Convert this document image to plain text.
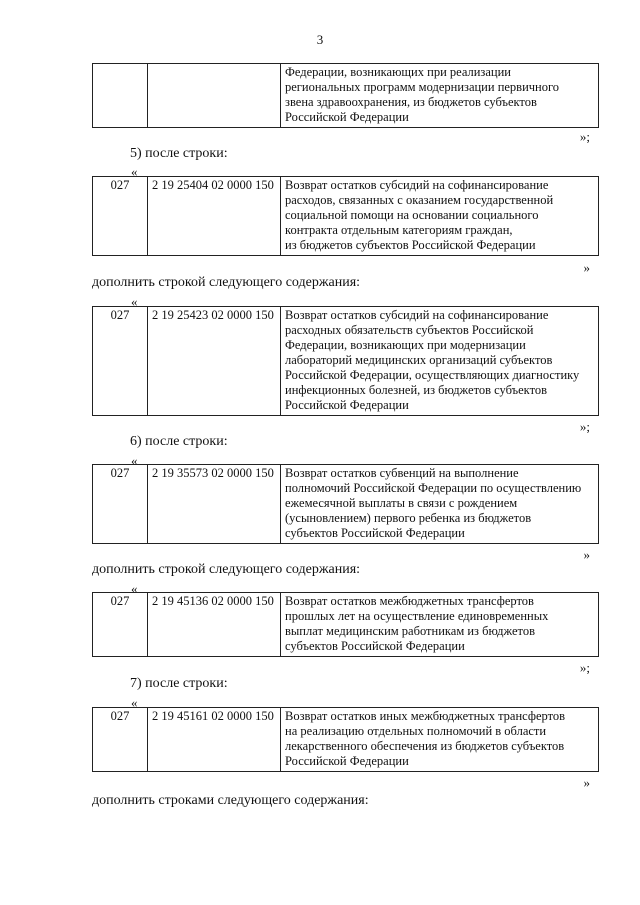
3

Федерации, возникающих при реализации
региональных программ модернизации первичного
звена здравоохранения, из бюджетов субъектов
Российской Федерации
»;
5) после строки:
«
027	2 19 25404 02 0000 150	Возврат остатков субсидий на софинансирование
расходов, связанных с оказанием государственной
социальной помощи на основании социального
контракта отдельным категориям граждан,
из бюджетов субъектов Российской Федерации
»
дополнить строкой следующего содержания:
«
027	2 19 25423 02 0000 150	Возврат остатков субсидий на софинансирование
расходных обязательств субъектов Российской
Федерации, возникающих при модернизации
лабораторий медицинских организаций субъектов
Российской Федерации, осуществляющих диагностику
инфекционных болезней, из бюджетов субъектов
Российской Федерации
»;
6) после строки:
«
027	2 19 35573 02 0000 150	Возврат остатков субвенций на выполнение
полномочий Российской Федерации по осуществлению
ежемесячной выплаты в связи с рождением
(усыновлением) первого ребенка из бюджетов
субъектов Российской Федерации
»
дополнить строкой следующего содержания:
«
027	2 19 45136 02 0000 150	Возврат остатков межбюджетных трансфертов
прошлых лет на осуществление единовременных
выплат медицинским работникам из бюджетов
субъектов Российской Федерации
»;
7) после строки:
«
027	2 19 45161 02 0000 150	Возврат остатков иных межбюджетных трансфертов
на реализацию отдельных полномочий в области
лекарственного обеспечения из бюджетов субъектов
Российской Федерации
»
дополнить строками следующего содержания:
